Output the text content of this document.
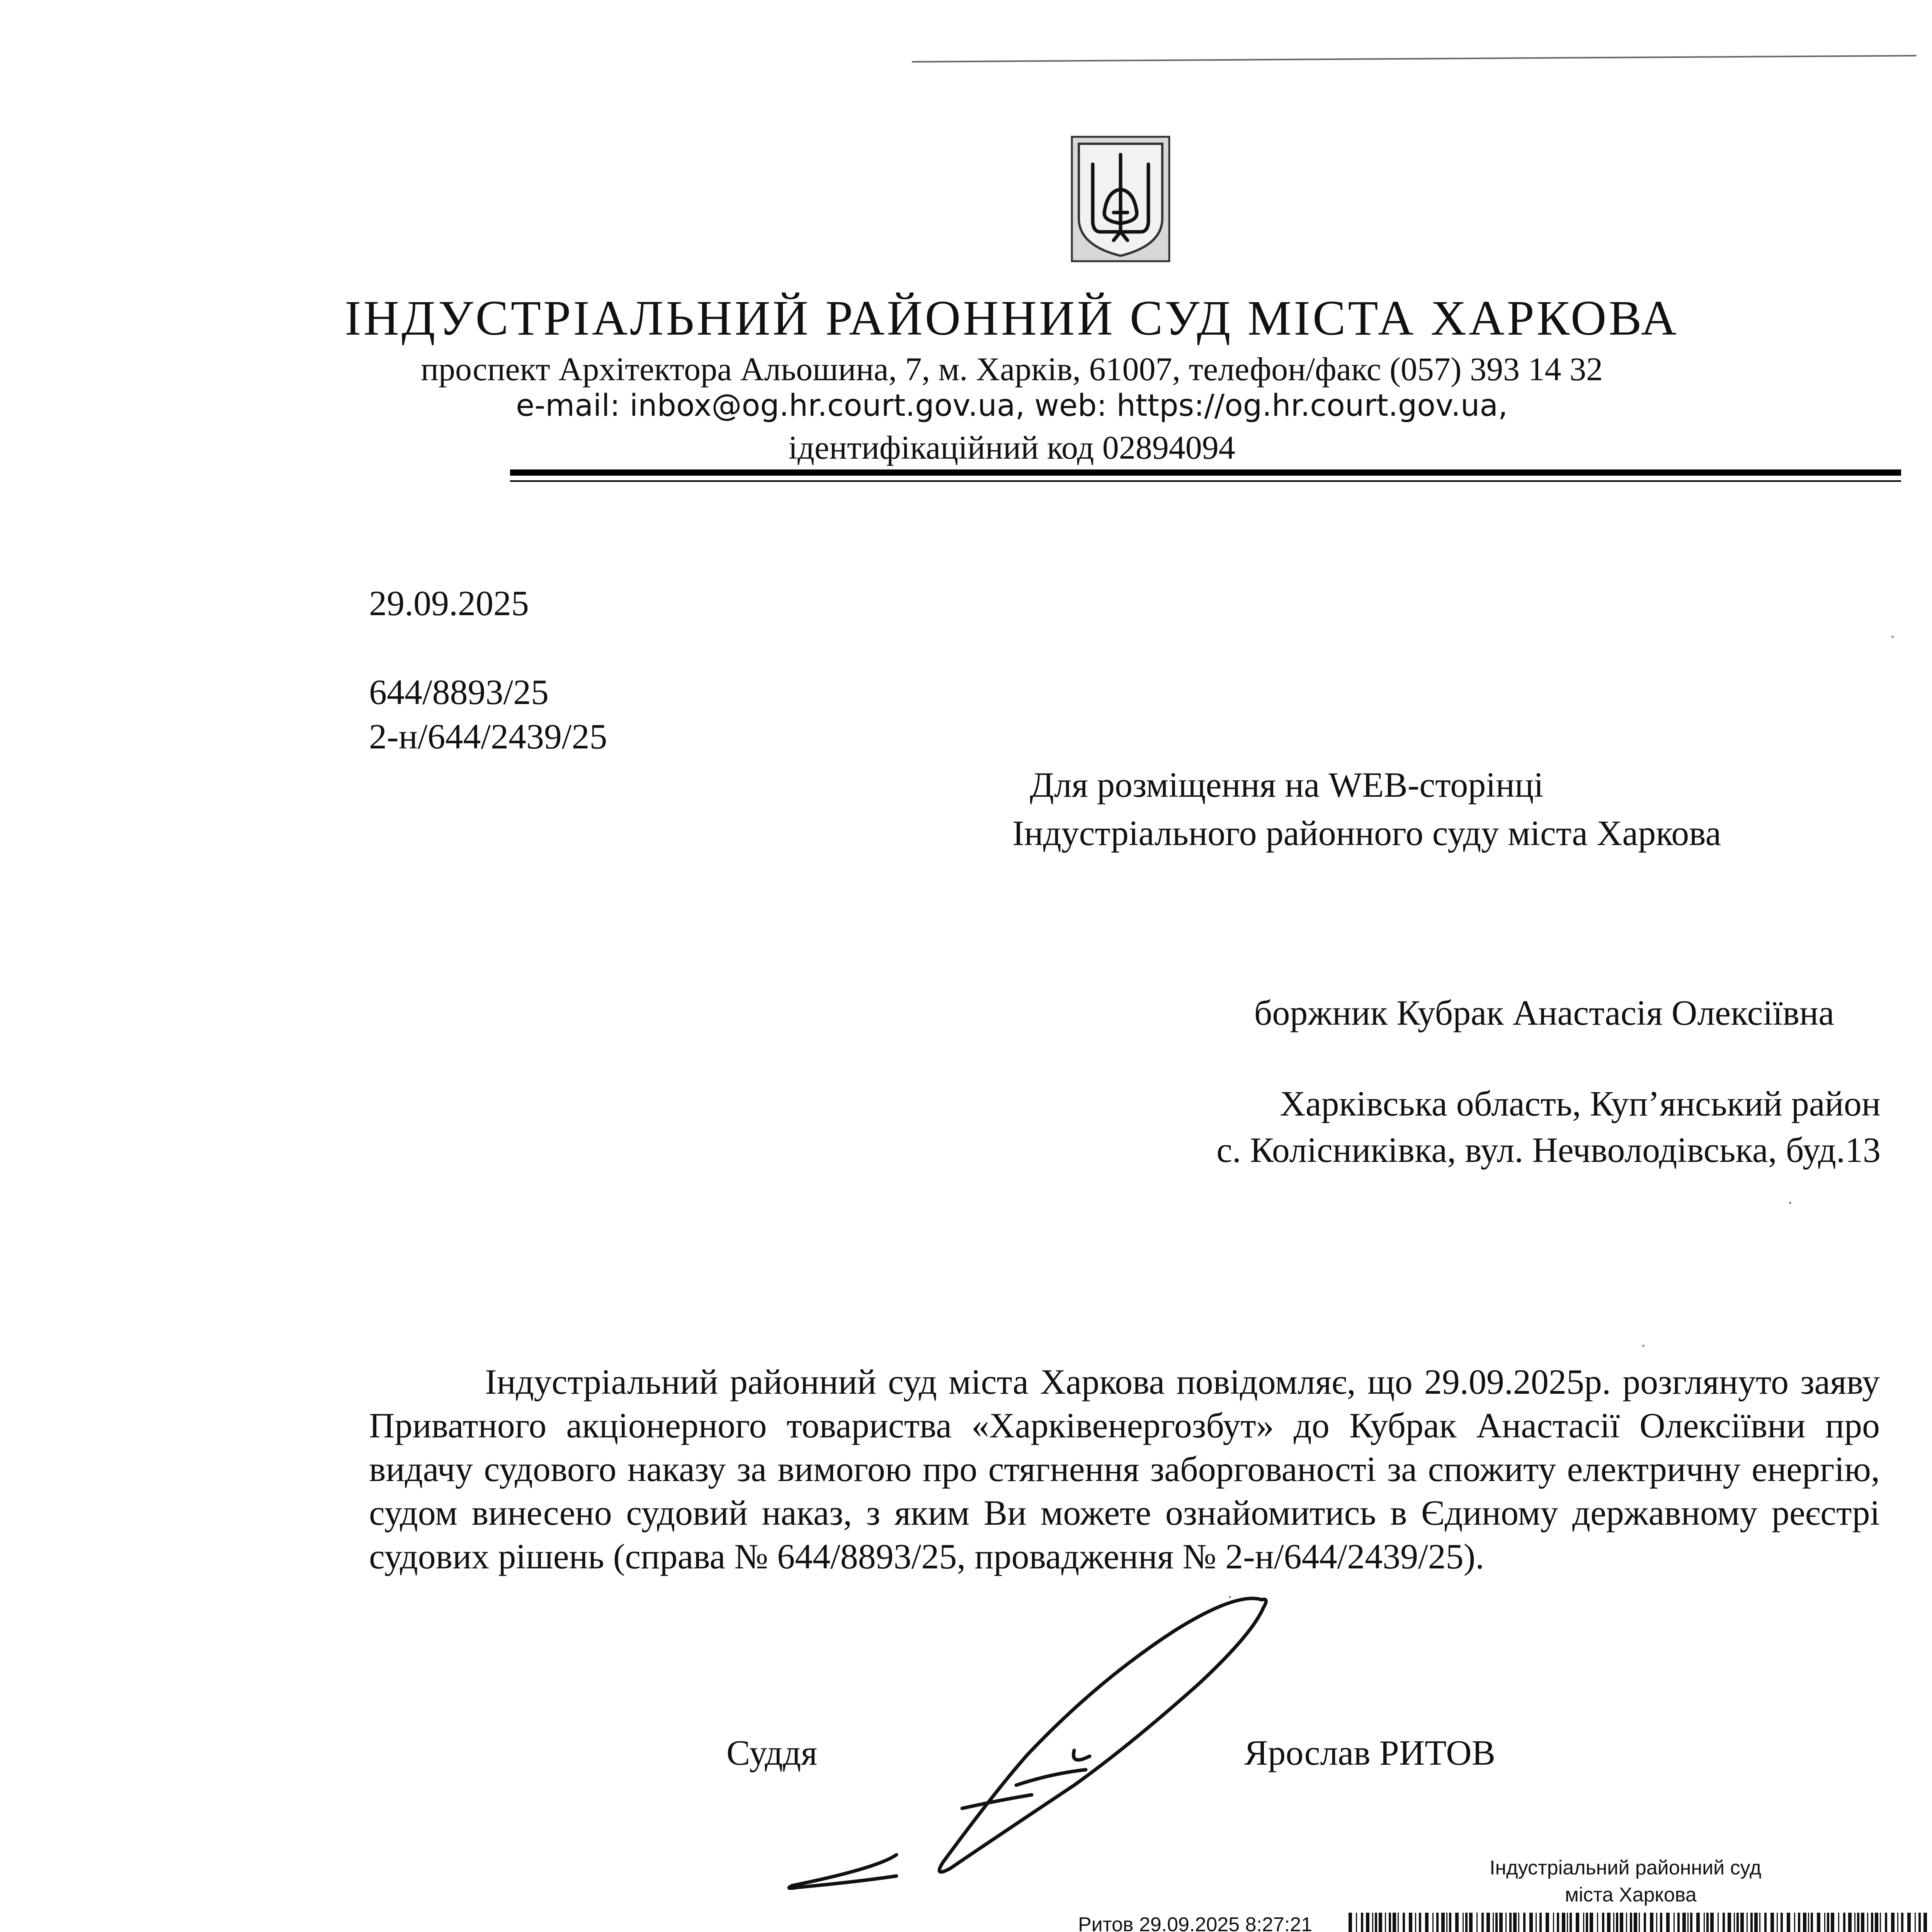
ІНДУСТРІАЛЬНИЙ РАЙОННИЙ СУД МІСТА ХАРКОВА
проспект Архітектора Альошина, 7, м. Харків, 61007, телефон/факс (057) 393 14 32
e-mail: inbox@og.hr.court.gov.ua, web: https://og.hr.court.gov.ua,
ідентифікаційний код 02894094
29.09.2025
644/8893/25
2-н/644/2439/25
Для розміщення на WEB-сторінці
Індустріального районного суду міста Харкова
боржник Кубрак Анастасія Олексіївна
Харківська область, Куп’янський район
с. Колісниківка, вул. Нечволодівська, буд.13
Індустріальний районний суд міста Харкова повідомляє, що 29.09.2025р. розглянуто заяву Приватного акціонерного товариства «Харківенергозбут» до Кубрак Анастасії Олексіївни про видачу судового наказу за вимогою про стягнення заборгованості за спожиту електричну енергію, судом винесено судовий наказ, з яким Ви можете ознайомитись в Єдиному державному реєстрі судових рішень (справа № 644/8893/25, провадження № 2-н/644/2439/25).
Суддя	Ярослав РИТОВ
Індустріальний районний суд
міста Харкова
Ритов 29.09.2025 8:27:21
